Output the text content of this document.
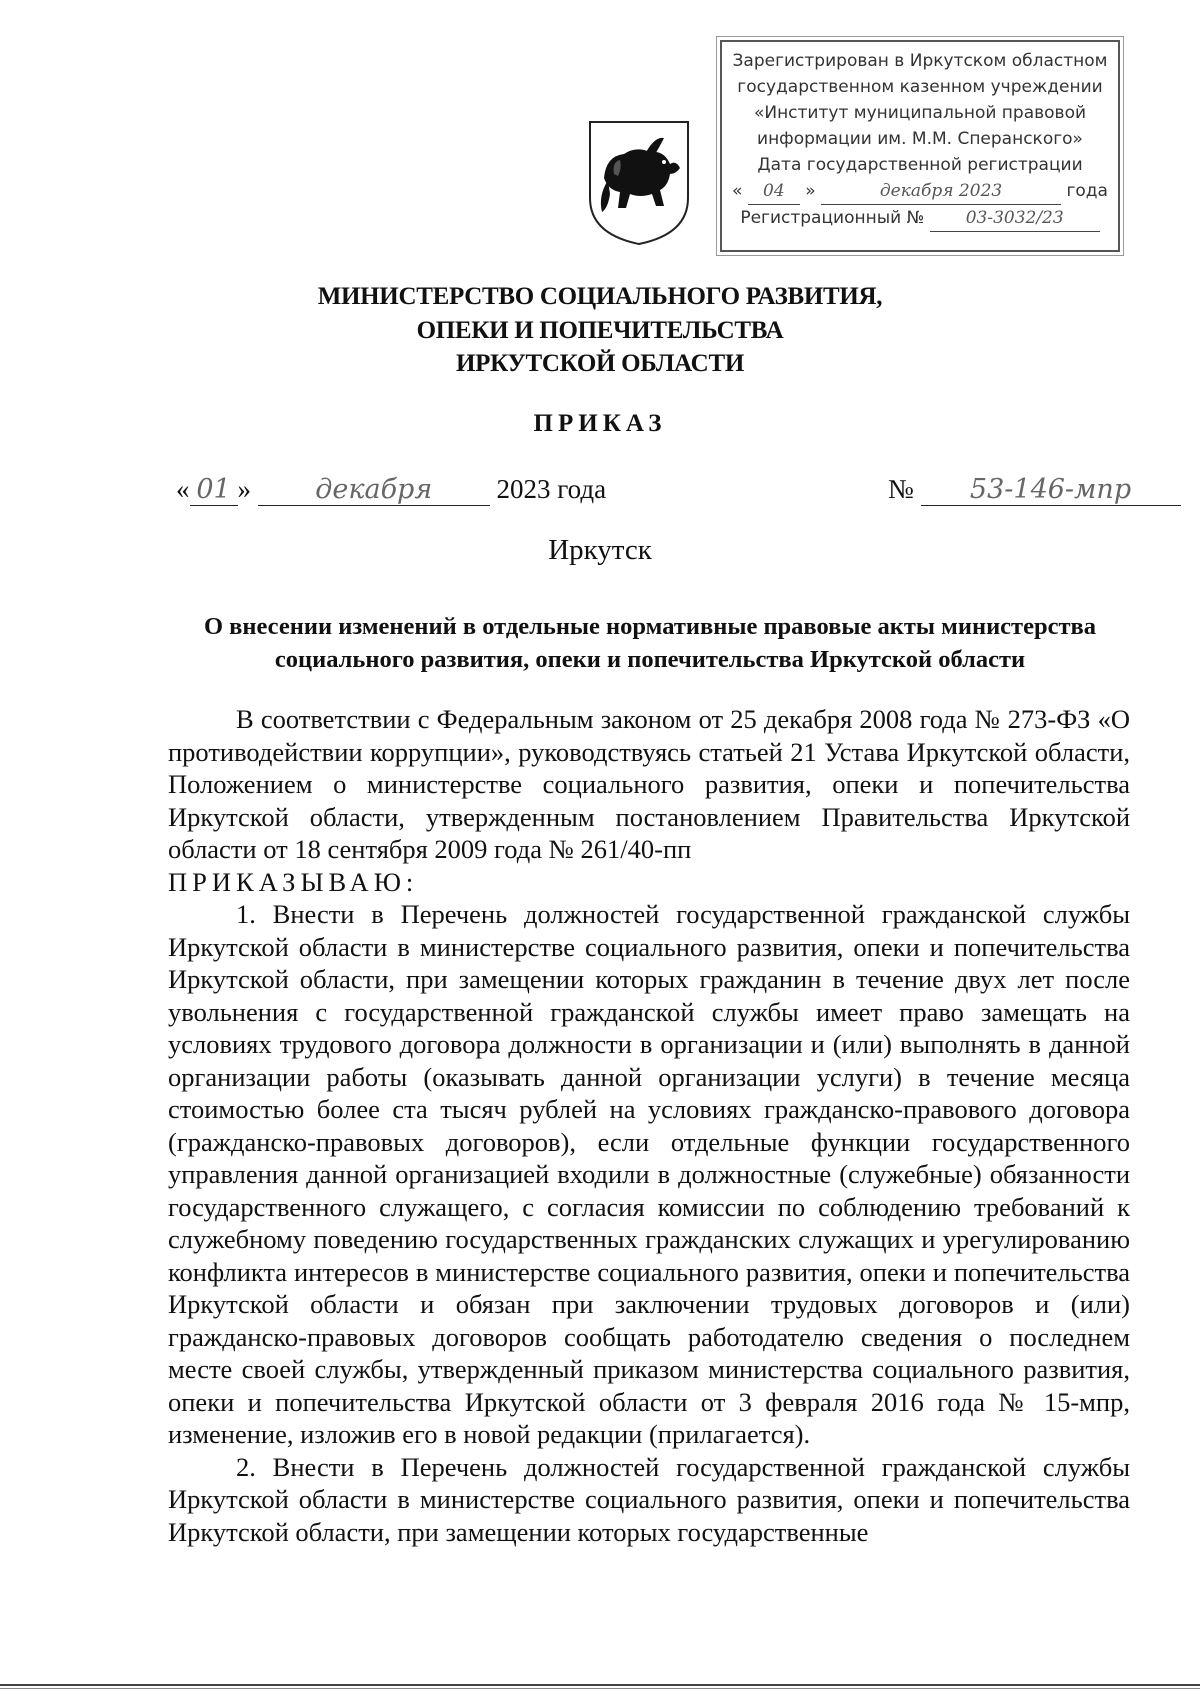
Зарегистрирован в Иркутском областном
государственном казенном учреждении
«Институт муниципальной правовой
информации им. М.М. Сперанского»
Дата государственной регистрации
« 04 »	декабря 2023	года
Регистрационный № 03-3032/23
МИНИСТЕРСТВО СОЦИАЛЬНОГО РАЗВИТИЯ,
ОПЕКИ И ПОПЕЧИТЕЛЬСТВА
ИРКУТСКОЙ ОБЛАСТИ
ПРИКАЗ
« 01 » декабря 2023 года	№ 53-146-мпр
Иркутск
О внесении изменений в отдельные нормативные правовые акты министерства
социального развития, опеки и попечительства Иркутской области

В соответствии с Федеральным законом от 25 декабря 2008 года № 273-ФЗ «О противодействии коррупции», руководствуясь статьей 21 Устава Иркутской области, Положением о министерстве социального развития, опеки и попечительства Иркутской области, утвержденным постановлением Правительства Иркутской области от 18 сентября 2009 года № 261/40-пп

ПРИКАЗЫВАЮ:

1. Внести в Перечень должностей государственной гражданской службы Иркутской области в министерстве социального развития, опеки и попечительства Иркутской области, при замещении которых гражданин в течение двух лет после увольнения с государственной гражданской службы имеет право замещать на условиях трудового договора должности в организации и (или) выполнять в данной организации работы (оказывать данной организации услуги) в течение месяца стоимостью более ста тысяч рублей на условиях гражданско-правового договора (гражданско-правовых договоров), если отдельные функции государственного управления данной организацией входили в должностные (служебные) обязанности государственного служащего, с согласия комиссии по соблюдению требований к служебному поведению государственных гражданских служащих и урегулированию конфликта интересов в министерстве социального развития, опеки и попечительства Иркутской области и обязан при заключении трудовых договоров и (или) гражданско-правовых договоров сообщать работодателю сведения о последнем месте своей службы, утвержденный приказом министерства социального развития, опеки и попечительства Иркутской области от 3 февраля 2016 года № 15-мпр, изменение, изложив его в новой редакции (прилагается).

2. Внести в Перечень должностей государственной гражданской службы Иркутской области в министерстве социального развития, опеки и попечительства Иркутской области, при замещении которых государственные
